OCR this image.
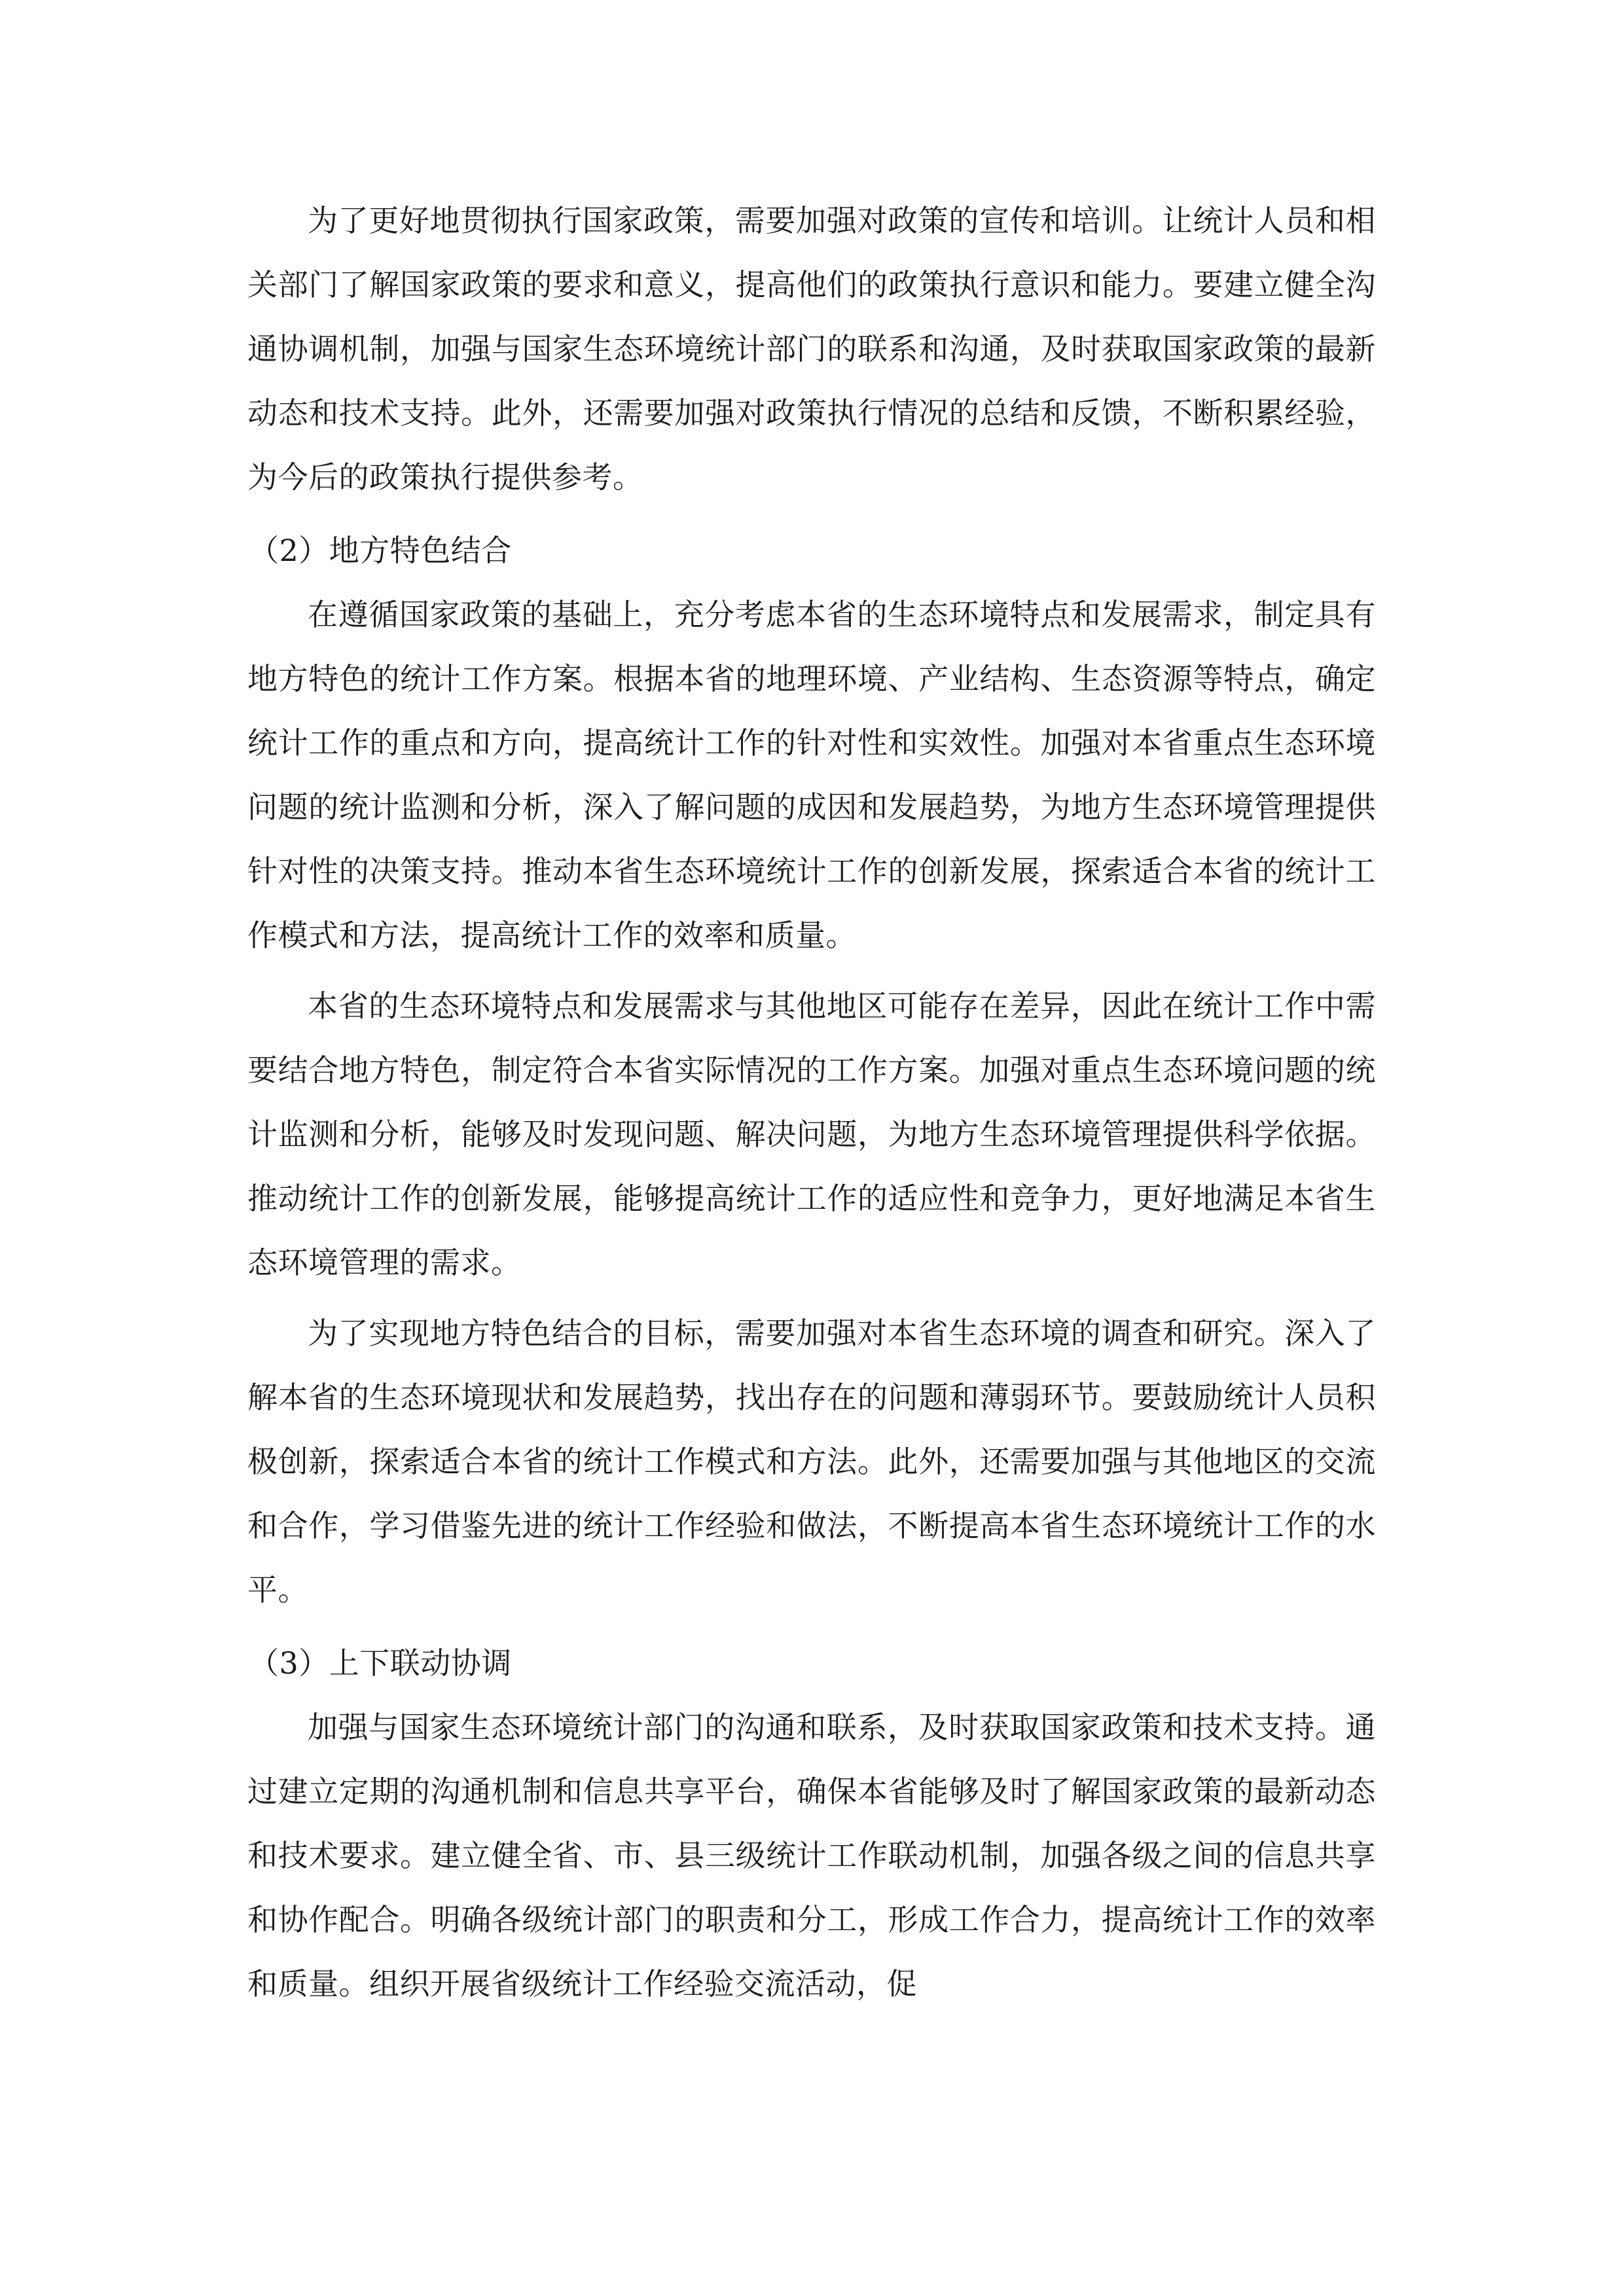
为了更好地贯彻执行国家政策，需要加强对政策的宣传和培训。让统计人员和相关部门了解国家政策的要求和意义，提高他们的政策执行意识和能力。要建立健全沟通协调机制，加强与国家生态环境统计部门的联系和沟通，及时获取国家政策的最新动态和技术支持。此外，还需要加强对政策执行情况的总结和反馈，不断积累经验，为今后的政策执行提供参考。

（2）地方特色结合

在遵循国家政策的基础上，充分考虑本省的生态环境特点和发展需求，制定具有地方特色的统计工作方案。根据本省的地理环境、产业结构、生态资源等特点，确定统计工作的重点和方向，提高统计工作的针对性和实效性。加强对本省重点生态环境问题的统计监测和分析，深入了解问题的成因和发展趋势，为地方生态环境管理提供针对性的决策支持。推动本省生态环境统计工作的创新发展，探索适合本省的统计工作模式和方法，提高统计工作的效率和质量。

本省的生态环境特点和发展需求与其他地区可能存在差异，因此在统计工作中需要结合地方特色，制定符合本省实际情况的工作方案。加强对重点生态环境问题的统计监测和分析，能够及时发现问题、解决问题，为地方生态环境管理提供科学依据。推动统计工作的创新发展，能够提高统计工作的适应性和竞争力，更好地满足本省生态环境管理的需求。

为了实现地方特色结合的目标，需要加强对本省生态环境的调查和研究。深入了解本省的生态环境现状和发展趋势，找出存在的问题和薄弱环节。要鼓励统计人员积极创新，探索适合本省的统计工作模式和方法。此外，还需要加强与其他地区的交流和合作，学习借鉴先进的统计工作经验和做法，不断提高本省生态环境统计工作的水平。

（3）上下联动协调

加强与国家生态环境统计部门的沟通和联系，及时获取国家政策和技术支持。通过建立定期的沟通机制和信息共享平台，确保本省能够及时了解国家政策的最新动态和技术要求。建立健全省、市、县三级统计工作联动机制，加强各级之间的信息共享和协作配合。明确各级统计部门的职责和分工，形成工作合力，提高统计工作的效率和质量。组织开展省级统计工作经验交流活动，促
